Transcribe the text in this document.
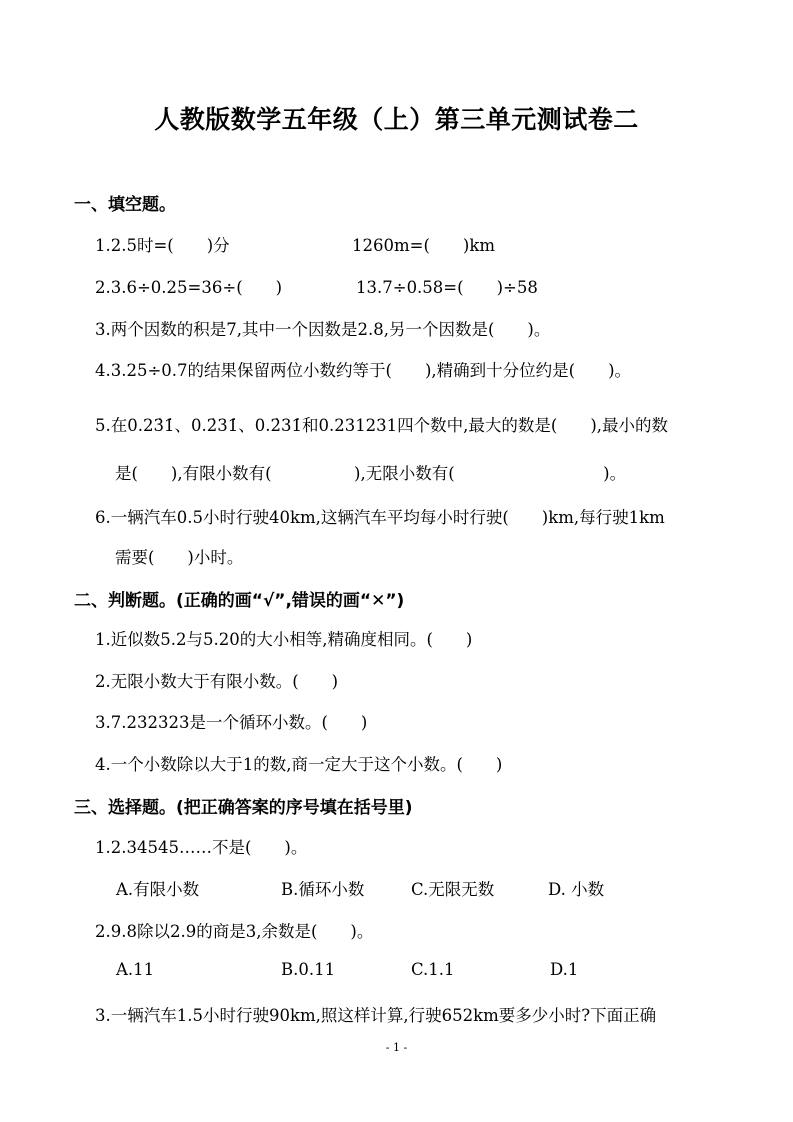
人教版数学五年级（上）第三单元测试卷二
一、填空题。
1.2.5时=(　　)分	1260m=(　　)km
2.3.6÷0.25=36÷(　　)	13.7÷0.58=(　　)÷58
3.两个因数的积是7,其中一个因数是2.8,另一个因数是(　　)。
4.3.25÷0.7的结果保留两位小数约等于(　　),精确到十分位约是(　　)。
5.在0.23̇1̇、0.2̇31̇、0.2̇31̇和0.231231四个数中,最大的数是(　　),最小的数
是(　　),有限小数有(　　　　　),无限小数有(　　　　　　　　　)。
6.一辆汽车0.5小时行驶40km,这辆汽车平均每小时行驶(　　)km,每行驶1km
需要(　　)小时。
二、判断题。(正确的画“√”,错误的画“✕”)
1.近似数5.2与5.20的大小相等,精确度相同。(　　)
2.无限小数大于有限小数。(　　)
3.7.232323是一个循环小数。(　　)
4.一个小数除以大于1的数,商一定大于这个小数。(　　)
三、选择题。(把正确答案的序号填在括号里)
1.2.34545……不是(　　)。
A.有限小数	B.循环小数	C.无限无数	D. 小数
2.9.8除以2.9的商是3,余数是(　　)。
A.11	B.0.11	C.1.1	D.1
3.一辆汽车1.5小时行驶90km,照这样计算,行驶652km要多少小时?下面正确
- 1 -
